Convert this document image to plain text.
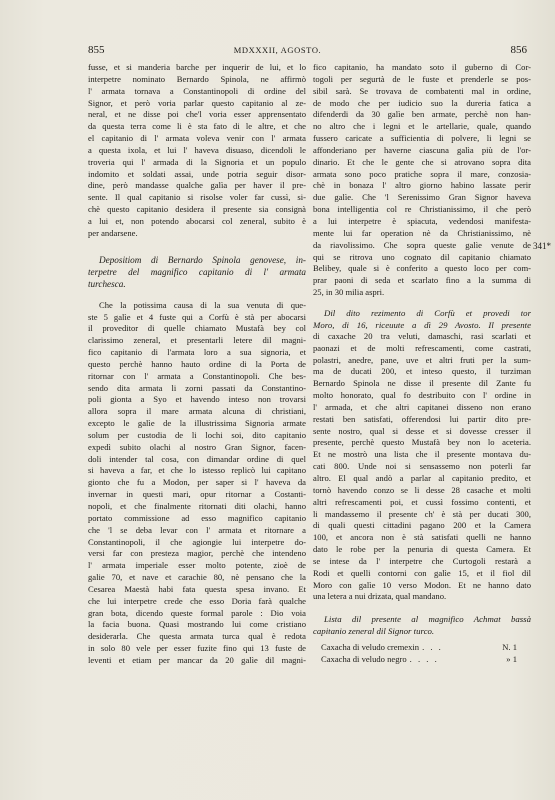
855	MDXXXII, AGOSTO.	856
341*
fusse, et si manderia barche per inquerir de lui, et lo
interpetre nominato Bernardo Spinola, ne affirmò
l' armata tornava a Constantinopoli di ordine del
Signor, et però voria parlar questo capitanio al ze-
neral, et ne disse poi che'l voria esser apprensentato
da questa terra come li è sta fato di le altre, et che
el capitanio di l' armata voleva venir con l' armata
a questa ixola, et lui l' haveva disuaso, dicendoli le
troveria qui l' armada di la Signoria et un populo
indomito et soldati assai, unde potria seguir disor-
dine, però mandasse qualche galìa per haver il pre-
sente. Il qual capitanio si risolse voler far cussì, si-
chè questo capitanio desidera il presente sia consignà
a lui et, non potendo abocarsi col zeneral, subito è
per andarsene.
Depositiom di Bernardo Spinola genovese, in-
terpetre del magnifico capitanio di l' armata
turchesca.
Che la potissima causa di la sua venuta di que-
ste 5 galìe et 4 fuste qui a Corfù è stà per abocarsi
il proveditor di quelle chiamato Mustafà bey col
clarissimo zeneral, et presentarli letere dil magni-
fico capitanio di l'armata loro a sua signoria, et
questo perchè hanno hauto ordine di la Porta de
ritornar con l' armata a Constantinopoli. Che bes-
sendo dita armata li zorni passati da Constantino-
poli gionta a Syo et havendo inteso non trovarsi
allora sopra il mare armata alcuna di christiani,
excepto le galìe de la illustrissima Signoria armate
solum per custodia de li lochi soi, dito capitanio
expedì subito olachi al nostro Gran Signor, facen-
doli intender tal cosa, con dimandar ordine di quel
si haveva a far, et che lo istesso replicò lui capitano
gionto che fu a Modon, per saper si l' haveva da
invernar in questi mari, opur ritornar a Costanti-
nopoli, et che finalmente ritornati diti olachi, hanno
portato commissione ad esso magnifico capitanio
che 'l se deba levar con l' armata et ritornare a
Constantinopoli, il che agiongie lui interpetre do-
versi far con presteza magior, perchè che intendeno
l' armata imperiale esser molto potente, zioè de
galie 70, et nave et carachie 80, nè pensano che la
Cesarea Maestà habi fata questa spesa invano. Et
che lui interpetre crede che esso Doria farà qualche
gran bota, dicendo queste formal parole : Dio voia
la facia buona. Quasi mostrando lui come cristiano
desiderarla. Che questa armata turca qual è redota
in solo 80 vele per esser fuzite fino qui 13 fuste de
leventi et etiam per mancar da 20 galìe dil magni-
fico capitanio, ha mandato soto il guberno di Cor-
togoli per segurtà de le fuste et prenderle se pos-
sibil sarà. Se trovava de combatenti mal in ordine,
de modo che per iudicio suo la dureria fatica a
difenderdi da 30 galìe ben armate, perchè non han-
no altro che i legni et le artellarie, quale, quando
fussero caricate a sufficientia di polvere, li legni se
affonderiano per haverne ciascuna galìa più de l'or-
dinario. Et che le gente che si atrovano sopra dita
armata sono poco pratiche sopra il mare, conzosia-
chè in bonaza l' altro giorno habino lassate perir
due galìe. Che 'l Serenissimo Gran Signor haveva
bona intelligentia col re Christianissimo, il che però
a lui interpetre è spiacuta, vedendosi manifesta-
mente lui far operation nè da Christianissimo, nè
da riavolissimo. Che sopra queste galìe venute de
qui se ritrova uno cognato dil capitanio chiamato
Belibey, quale si è conferito a questo loco per com-
prar paoni di seda et scarlato fino a la summa di
25, in 30 milia aspri.
Dil dito rezimento di Corfù et provedi tor
Moro, di 16, riceuute a dì 29 Avosto. Il presente
di caxache 20 tra veluti, damaschi, rasi scarlati et
paonazi et de molti refrescamenti, come castrati,
polastri, anedre, pane, uve et altri fruti per la sum-
ma de ducati 200, et inteso questo, il turziman
Bernardo Spinola ne disse il presente dil Zante fu
molto honorato, qual fo destribuito con l' ordine in
l' armada, et che altri capitanei dissenо non erano
restati ben satisfati, offerendosi lui partir dito pre-
sente nostro, qual si desse et si dovesse cresser il
presente, perchè questo Mustafà bey non lo aceteria.
Et ne mostrò una lista che il presente montava du-
cati 800. Unde noi si sensassemo non poterli far
altro. El qual andò a parlar al capitanio predito, et
tornò havendo conzo se li desse 28 casache et molti
altri refrescamenti poi, et cussì fossimo contenti, et
li mandassemo il presente ch' è stà per ducati 300,
di quali questi cittadini pagano 200 et la Camera
100, et ancora non è stà satisfati quelli ne hanno
dato le robe per la penuria di questa Camera. Et
se intese da l' interpetre che Curtogoli restarà a
Rodi et quelli contorni con galìe 15, et il fiol dil
Moro con galìe 10 verso Modon. Et ne hanno dato
una letera a nui drizata, qual mandano.
Lista dil presente al magnifico Achmat bassà
capitanio zeneral dil Signor turco.
Caxacha di veludo cremexin . . .	N. 1
Caxacha di veludo negro . . . .	» 1
